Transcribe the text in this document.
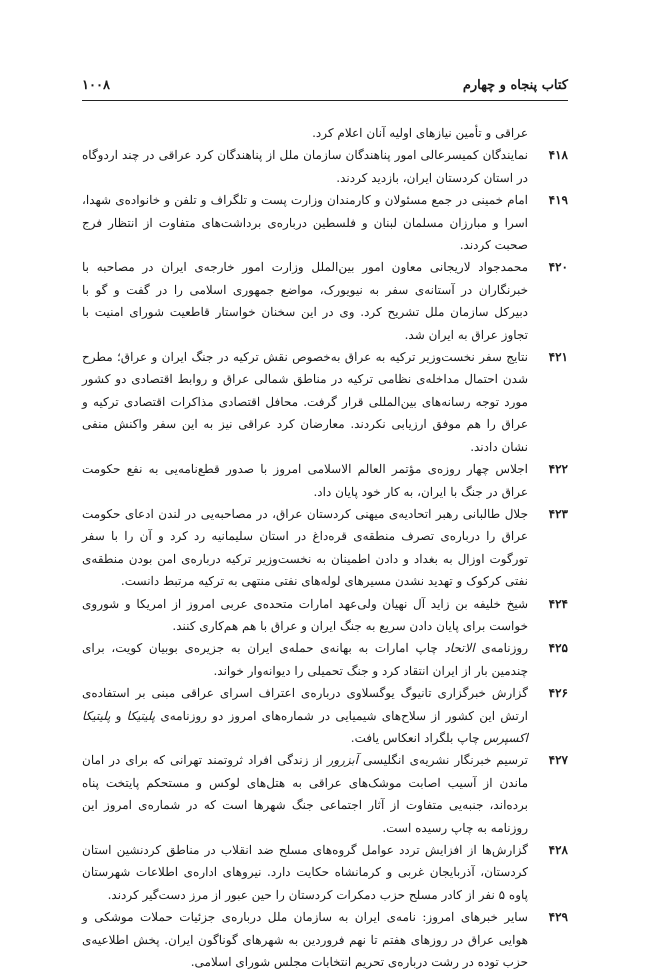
کتاب پنجاه و چهارم
۱۰۰۸

عراقی و تأمین نیازهای اولیه آنان اعلام کرد.

۴۱۸
نمایندگان کمیسرعالی امور پناهندگان سازمان ملل از پناهندگان کرد عراقی در چند اردوگاه در استان کردستان ایران، بازدید کردند.
۴۱۹
امام خمینی در جمع مسئولان و کارمندان وزارت پست و تلگراف و تلفن و خانواده‌ی شهدا، اسرا و مبارزان مسلمان لبنان و فلسطین درباره‌ی برداشت‌های متفاوت از انتظار فرج صحبت کردند.
۴۲۰
محمدجواد لاریجانی معاون امور بین‌الملل وزارت امور خارجه‌ی ایران در مصاحبه با خبرنگاران در آستانه‌ی سفر به نیویورک، مواضع جمهوری اسلامی را در گفت و گو با دبیرکل سازمان ملل تشریح کرد. وی در این سخنان خواستار قاطعیت شورای امنیت با تجاوز عراق به ایران شد.
۴۲۱
نتایج سفر نخست‌وزیر ترکیه به عراق به‌خصوص نقش ترکیه در جنگ ایران و عراق؛ مطرح شدن احتمال مداخله‌ی نظامی ترکیه در مناطق شمالی عراق و روابط اقتصادی دو کشور مورد توجه رسانه‌های بین‌المللی قرار گرفت. محافل اقتصادی مذاکرات اقتصادی ترکیه و عراق را هم موفق ارزیابی نکردند. معارضان کرد عراقی نیز به این سفر واکنش منفی نشان دادند.
۴۲۲
اجلاس چهار روزه‌ی مؤتمر العالم الاسلامی امروز با صدور قطع‌نامه‌یی به نفع حکومت عراق در جنگ با ایران، به کار خود پایان داد.
۴۲۳
جلال طالبانی رهبر اتحادیه‌ی میهنی کردستان عراق، در مصاحبه‌یی در لندن ادعای حکومت عراق را درباره‌ی تصرف منطقه‌ی قره‌داغ در استان سلیمانیه رد کرد و آن را با سفر تورگوت اوزال به بغداد و دادن اطمینان به نخست‌وزیر ترکیه درباره‌ی امن بودن منطقه‌ی نفتی کرکوک و تهدید نشدن مسیرهای لوله‌های نفتی منتهی به ترکیه مرتبط دانست.
۴۲۴
شیخ خلیفه بن زاید آل نهیان ولی‌عهد امارات متحده‌ی عربی امروز از امریکا و شوروی خواست برای پایان دادن سریع به جنگ ایران و عراق با هم هم‌کاری کنند.
۴۲۵
روزنامه‌ی الاتحاد چاپ امارات به بهانه‌ی حمله‌ی ایران به جزیره‌ی بوبیان کویت، برای چندمین بار از ایران انتقاد کرد و جنگ تحمیلی را دیوانه‌وار خواند.
۴۲۶
گزارش خبرگزاری تانیوگ یوگسلاوی درباره‌ی اعتراف اسرای عراقی مبنی بر استفاده‌ی ارتش این کشور از سلاح‌های شیمیایی در شماره‌های امروز دو روزنامه‌ی پلیتیکا و پلیتیکا اکسپرس چاپ بلگراد انعکاس یافت.
۴۲۷
ترسیم خبرنگار نشریه‌ی انگلیسی آبزرور از زندگی افراد ثروتمند تهرانی که برای در امان ماندن از آسیب اصابت موشک‌های عراقی به هتل‌های لوکس و مستحکم پایتخت پناه برده‌اند، جنبه‌یی متفاوت از آثار اجتماعی جنگ شهرها است که در شماره‌ی امروز این روزنامه به چاپ رسیده است.
۴۲۸
گزارش‌ها از افزایش تردد عوامل گروه‌های مسلح ضد انقلاب در مناطق کردنشین استان کردستان، آذربایجان غربی و کرمانشاه حکایت دارد. نیروهای اداره‌ی اطلاعات شهرستان پاوه ۵ نفر از کادر مسلح حزب دمکرات کردستان را حین عبور از مرز دست‌گیر کردند.
۴۲۹
سایر خبرهای امروز: نامه‌ی ایران به سازمان ملل درباره‌ی جزئیات حملات موشکی و هوایی عراق در روزهای هفتم تا نهم فروردین به شهرهای گوناگون ایران. پخش اطلاعیه‌ی حزب توده در رشت درباره‌ی تحریم انتخابات مجلس شورای اسلامی.
